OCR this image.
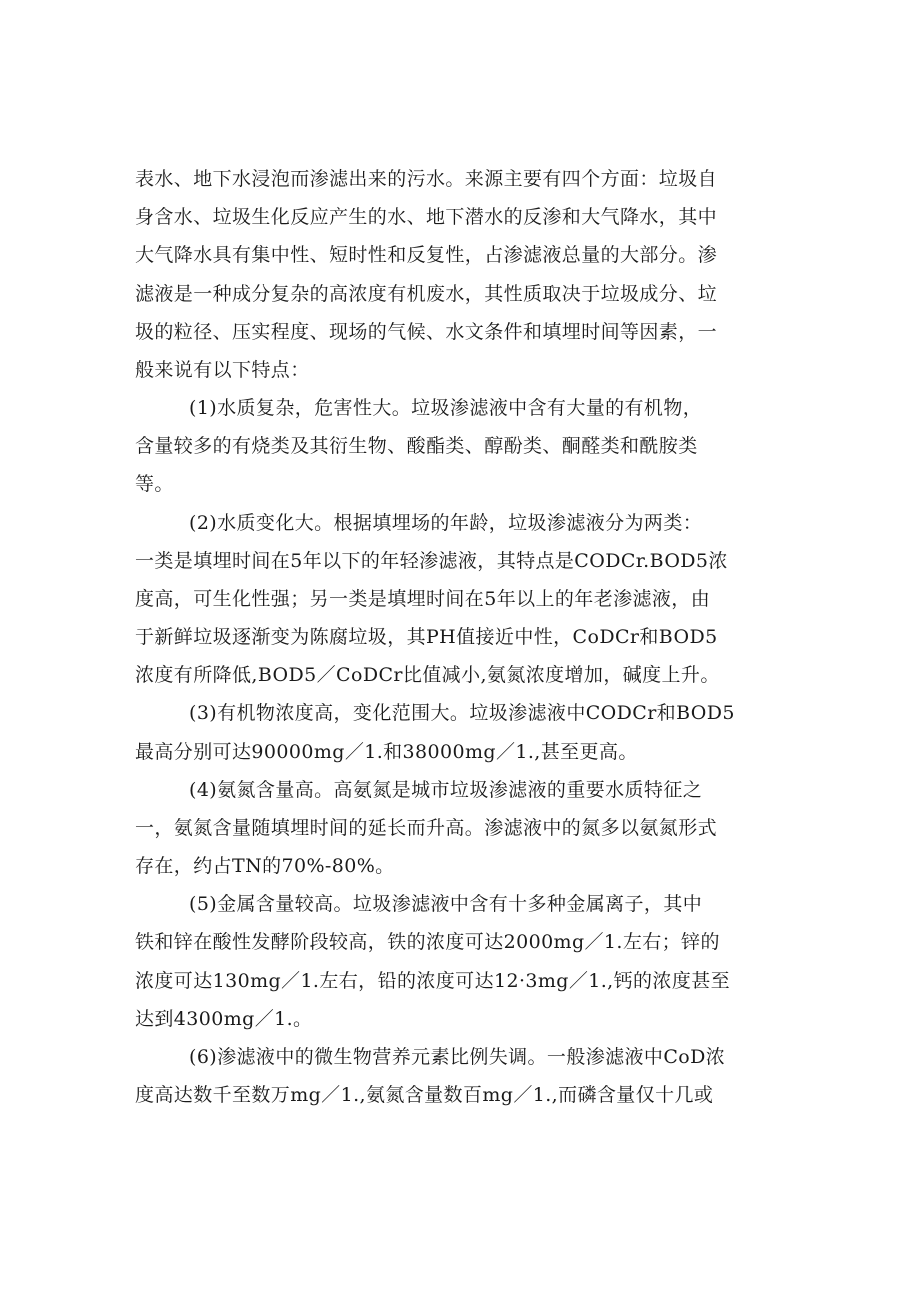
表水、地下水浸泡而渗滤出来的污水。来源主要有四个方面：垃圾自
身含水、垃圾生化反应产生的水、地下潜水的反渗和大气降水，其中
大气降水具有集中性、短时性和反复性，占渗滤液总量的大部分。渗
滤液是一种成分复杂的高浓度有机废水，其性质取决于垃圾成分、垃
圾的粒径、压实程度、现场的气候、水文条件和填埋时间等因素，一
般来说有以下特点：
(1)水质复杂，危害性大。垃圾渗滤液中含有大量的有机物，
含量较多的有烧类及其衍生物、酸酯类、醇酚类、酮醛类和酰胺类
等。
(2)水质变化大。根据填埋场的年龄，垃圾渗滤液分为两类：
一类是填埋时间在5年以下的年轻渗滤液，其特点是CODCr.BOD5浓
度高，可生化性强；另一类是填埋时间在5年以上的年老渗滤液，由
于新鲜垃圾逐渐变为陈腐垃圾，其PH值接近中性，CoDCr和BOD5
浓度有所降低,BOD5／CoDCr比值减小,氨氮浓度增加，碱度上升。
(3)有机物浓度高，变化范围大。垃圾渗滤液中CODCr和BOD5
最高分别可达90000mg／1.和38000mg／1.,甚至更高。
(4)氨氮含量高。高氨氮是城市垃圾渗滤液的重要水质特征之
一，氨氮含量随填埋时间的延长而升高。渗滤液中的氮多以氨氮形式
存在，约占TN的70%-80%。
(5)金属含量较高。垃圾渗滤液中含有十多种金属离子，其中
铁和锌在酸性发酵阶段较高，铁的浓度可达2000mg／1.左右；锌的
浓度可达130mg／1.左右，铅的浓度可达12·3mg／1.,钙的浓度甚至
达到4300mg／1.。
(6)渗滤液中的微生物营养元素比例失调。一般渗滤液中CoD浓
度高达数千至数万mg／1.,氨氮含量数百mg／1.,而磷含量仅十几或
